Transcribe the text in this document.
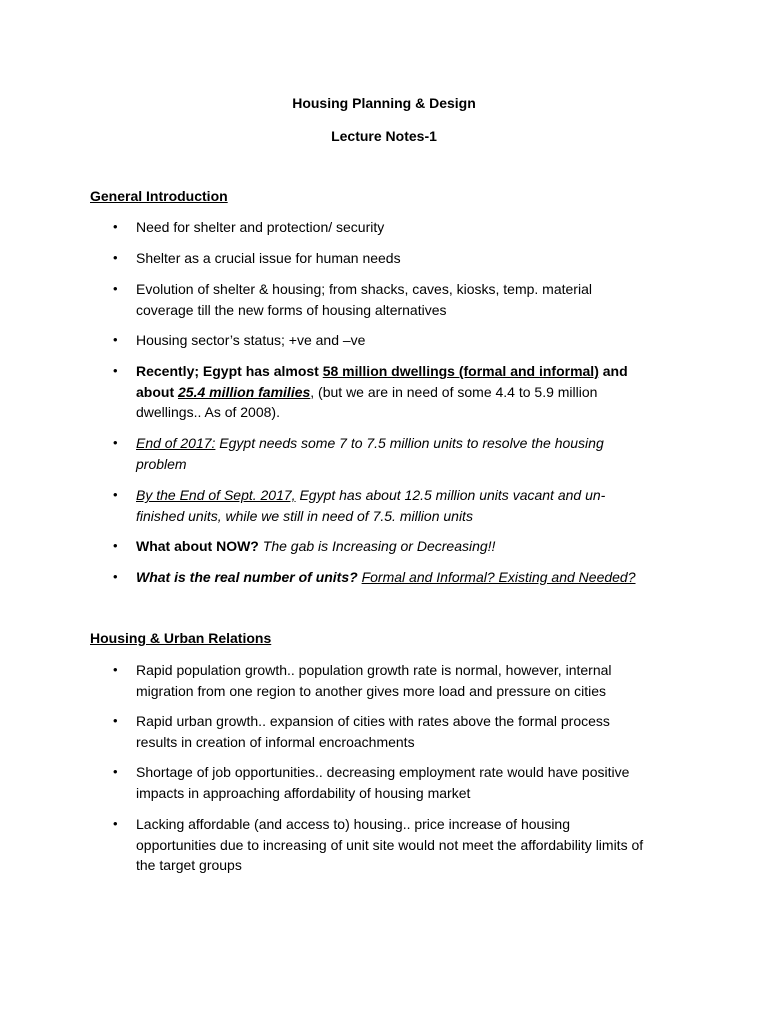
Housing Planning & Design
Lecture Notes-1
General Introduction
•	Need for shelter and protection/ security
•	Shelter as a crucial issue for human needs
•	Evolution of shelter & housing; from shacks, caves, kiosks, temp. material coverage till the new forms of housing alternatives
•	Housing sector’s status; +ve and –ve
•	Recently; Egypt has almost 58 million dwellings (formal and informal) and about 25.4 million families, (but we are in need of some 4.4 to 5.9 million dwellings.. As of 2008).
•	End of 2017: Egypt needs some 7 to 7.5 million units to resolve the housing problem
•	By the End of Sept. 2017, Egypt has about 12.5 million units vacant and un-finished units, while we still in need of 7.5. million units
•	What about NOW? The gab is Increasing or Decreasing!!
•	What is the real number of units? Formal and Informal? Existing and Needed?
Housing & Urban Relations
•	Rapid population growth.. population growth rate is normal, however, internal migration from one region to another gives more load and pressure on cities
•	Rapid urban growth.. expansion of cities with rates above the formal process results in creation of informal encroachments
•	Shortage of job opportunities.. decreasing employment rate would have positive impacts in approaching affordability of housing market
•	Lacking affordable (and access to) housing.. price increase of housing opportunities due to increasing of unit site would not meet the affordability limits of the target groups
